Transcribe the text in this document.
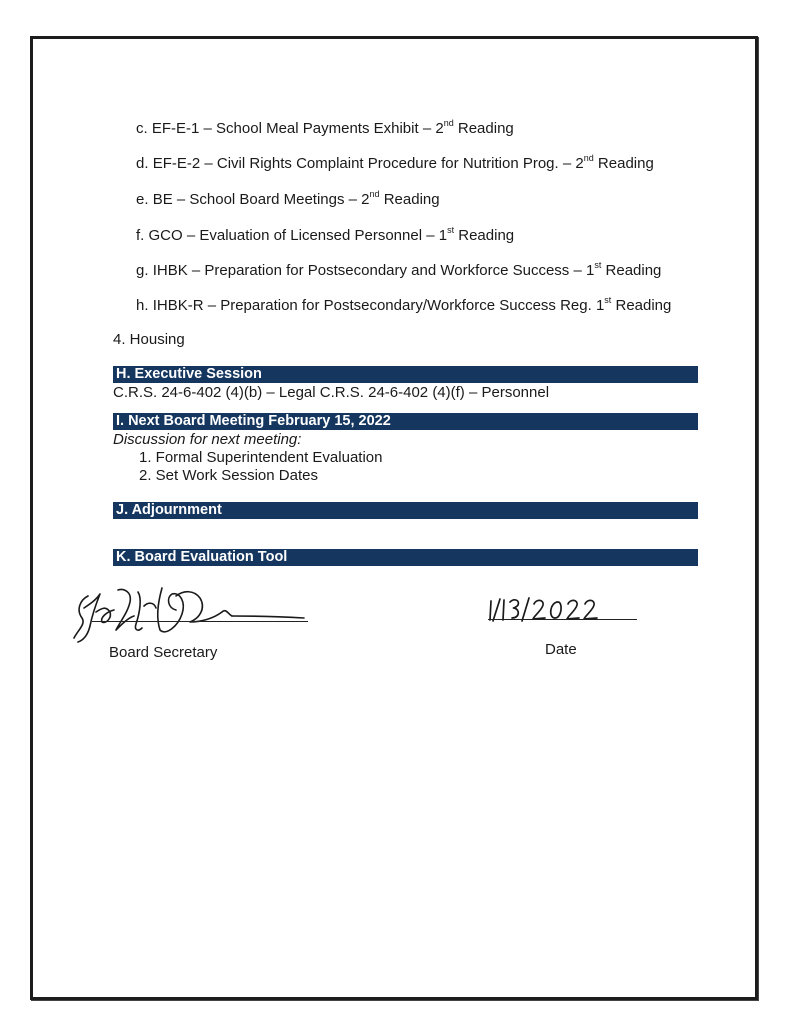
c. EF-E-1 – School Meal Payments Exhibit – 2nd Reading
d. EF-E-2 – Civil Rights Complaint Procedure for Nutrition Prog. – 2nd Reading
e. BE – School Board Meetings – 2nd Reading
f. GCO – Evaluation of Licensed Personnel – 1st Reading
g. IHBK – Preparation for Postsecondary and Workforce Success – 1st Reading
h. IHBK-R – Preparation for Postsecondary/Workforce Success Reg. 1st Reading
4. Housing
H. Executive Session
C.R.S. 24-6-402 (4)(b) – Legal C.R.S. 24-6-402 (4)(f) – Personnel
I. Next Board Meeting February 15, 2022
Discussion for next meeting:
1. Formal Superintendent Evaluation
2. Set Work Session Dates
J. Adjournment
K. Board Evaluation Tool
Board Secretary	Date
